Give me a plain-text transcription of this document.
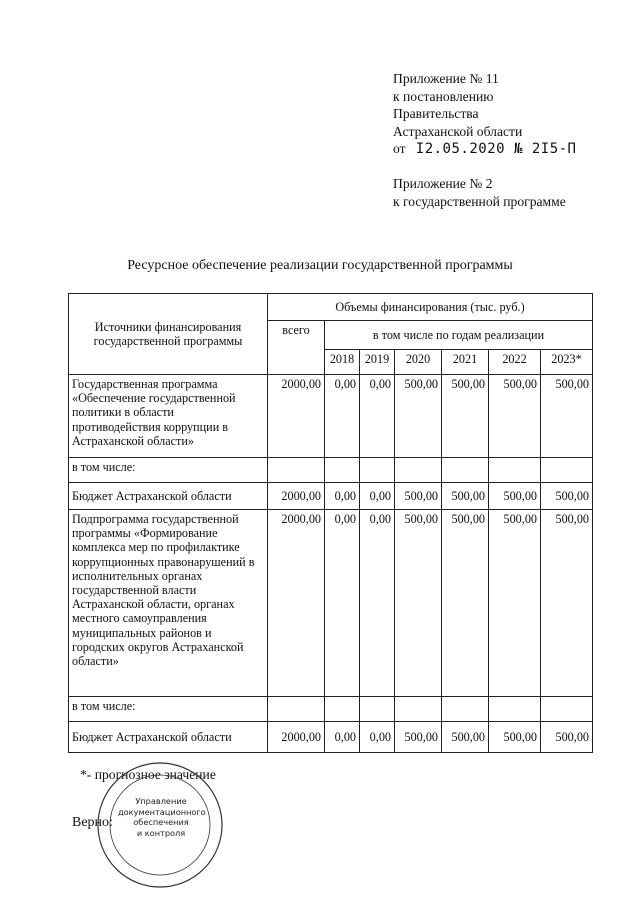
Приложение № 11
к постановлению
Правительства
Астраханской области
от I2.05.2020 № 2I5-П
Приложение № 2
к государственной программе
Ресурсное обеспечение реализации государственной программы
Источники финансирования государственной программы	Объемы финансирования (тыс. руб.)						
	всего	в том числе по годам реализации					
		2018	2019	2020	2021	2022	2023*
Государственная программа «Обеспечение государственной политики в области противодействия коррупции в Астраханской области»	2000,00	0,00	0,00	500,00	500,00	500,00	500,00
в том числе:							
Бюджет Астраханской области	2000,00	0,00	0,00	500,00	500,00	500,00	500,00
Подпрограмма государственной программы «Формирование комплекса мер по профилактике коррупционных правонарушений в исполнительных органах государственной власти Астраханской области, органах местного самоуправления муниципальных районов и городских округов Астраханской области»	2000,00	0,00	0,00	500,00	500,00	500,00	500,00
в том числе:							
Бюджет Астраханской области	2000,00	0,00	0,00	500,00	500,00	500,00	500,00
*- прогнозное значение
Верно:
Управление
документационного
обеспечения
и контроля
